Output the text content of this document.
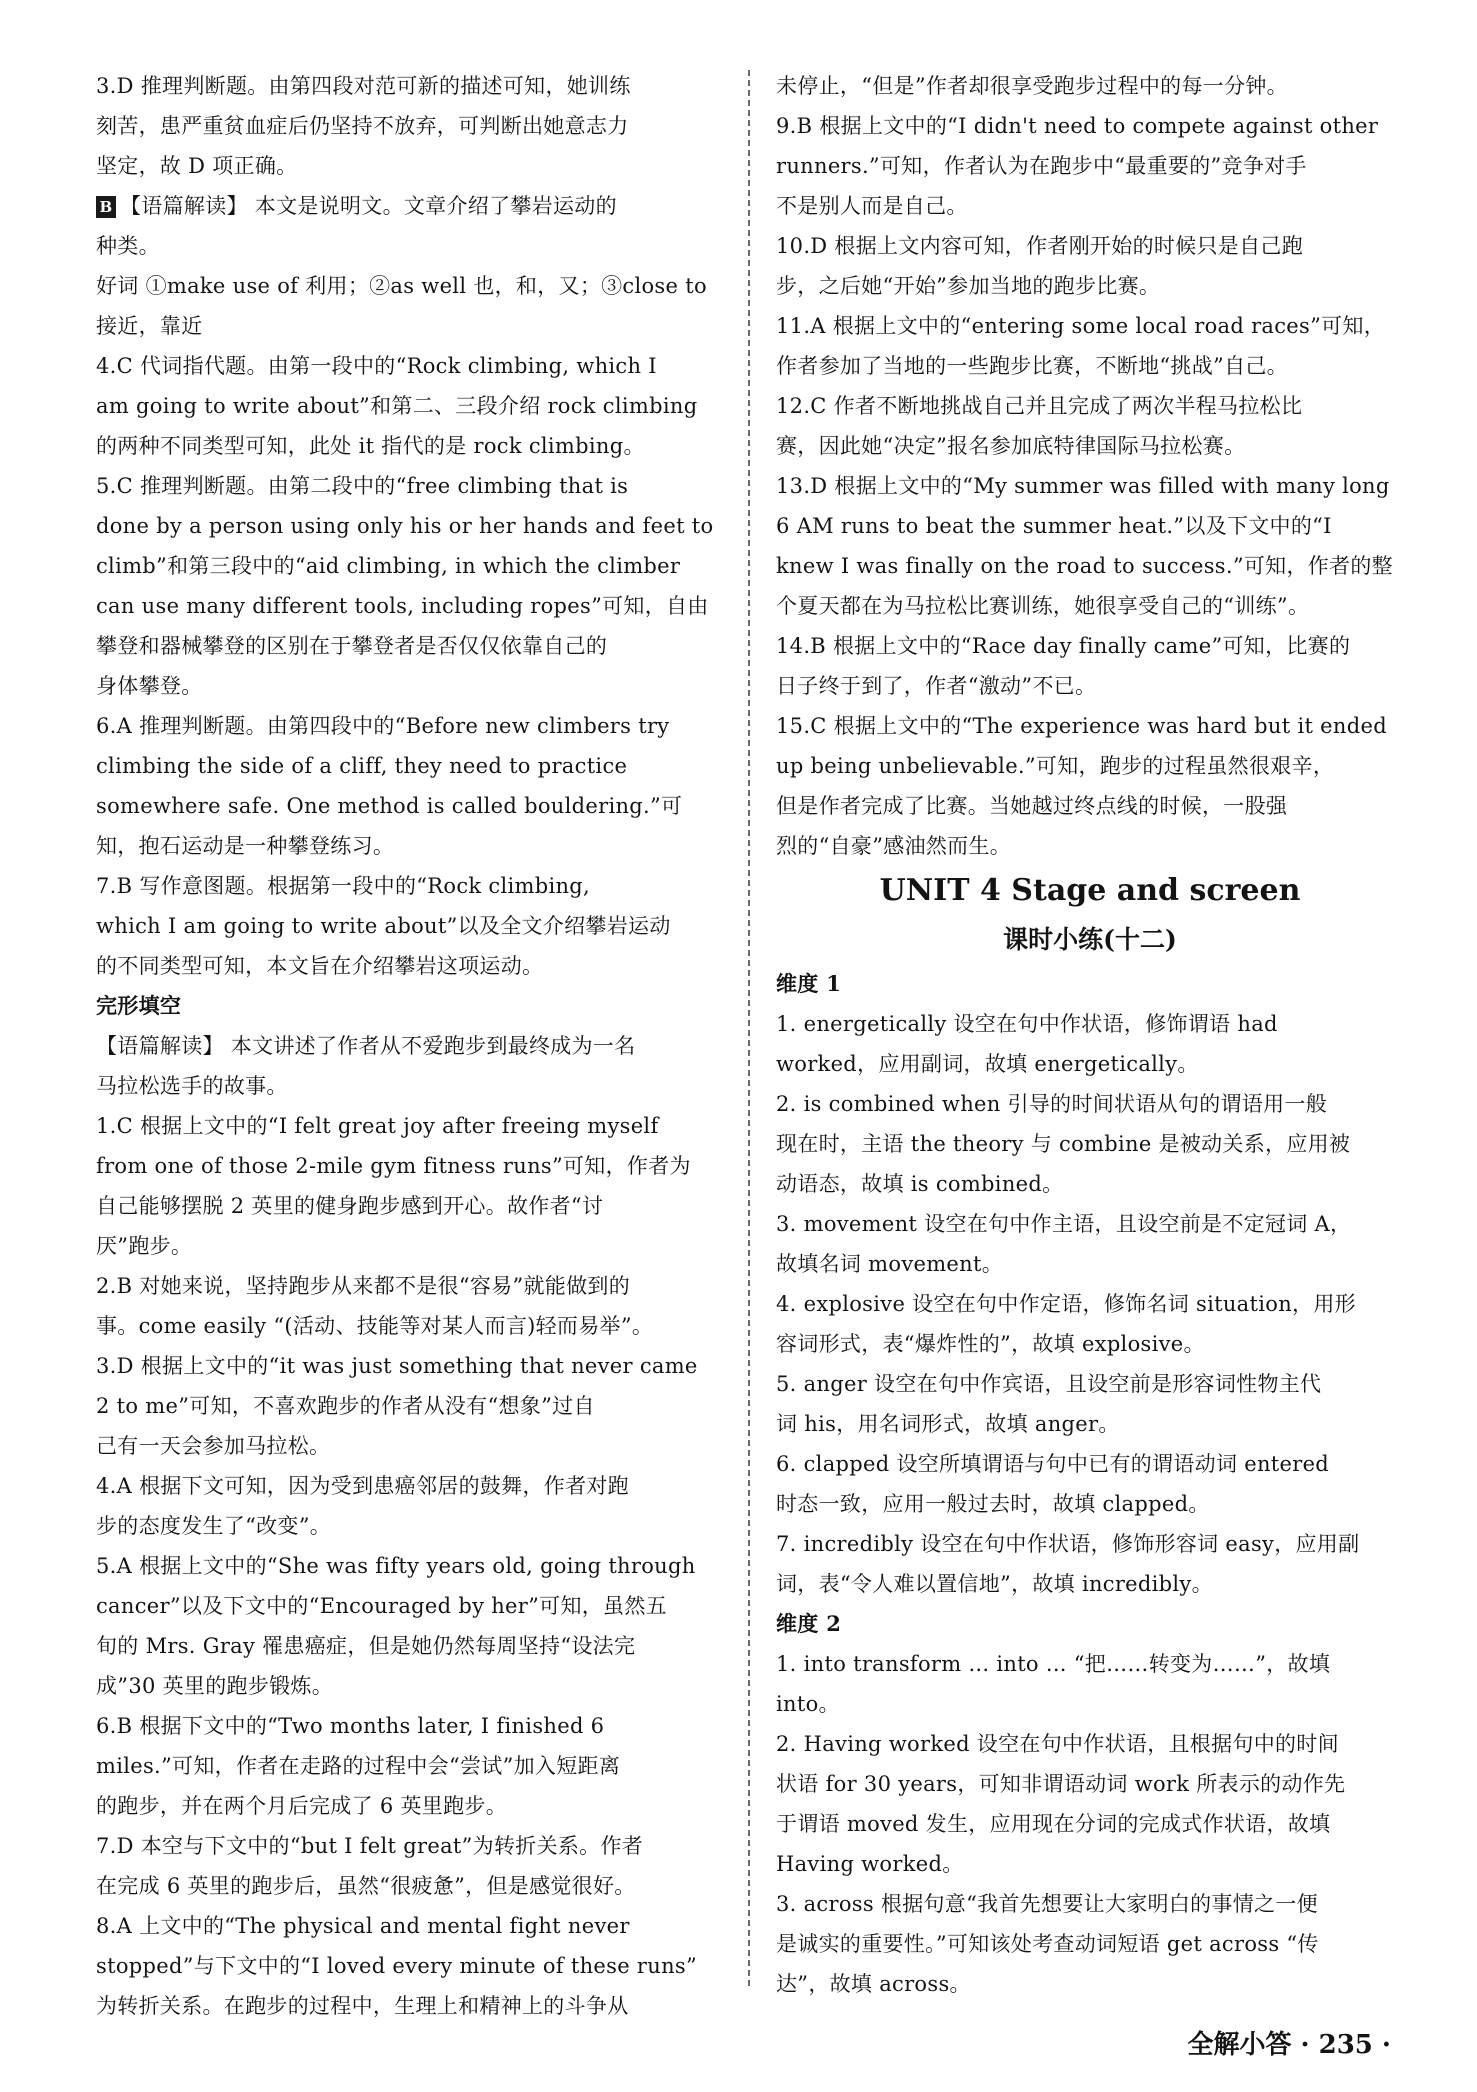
3.D 推理判断题。由第四段对范可新的描述可知，她训练
刻苦，患严重贫血症后仍坚持不放弃，可判断出她意志力
坚定，故 D 项正确。
B 【语篇解读】 本文是说明文。文章介绍了攀岩运动的
种类。
好词 ①make use of 利用；②as well 也，和，又；③close to
接近，靠近
4.C 代词指代题。由第一段中的“Rock climbing, which I
am going to write about”和第二、三段介绍 rock climbing
的两种不同类型可知，此处 it 指代的是 rock climbing。
5.C 推理判断题。由第二段中的“free climbing that is
done by a person using only his or her hands and feet to
climb”和第三段中的“aid climbing, in which the climber
can use many different tools, including ropes”可知，自由
攀登和器械攀登的区别在于攀登者是否仅仅依靠自己的
身体攀登。
6.A 推理判断题。由第四段中的“Before new climbers try
climbing the side of a cliff, they need to practice
somewhere safe. One method is called bouldering.”可
知，抱石运动是一种攀登练习。
7.B 写作意图题。根据第一段中的“Rock climbing,
which I am going to write about”以及全文介绍攀岩运动
的不同类型可知，本文旨在介绍攀岩这项运动。
完形填空
【语篇解读】 本文讲述了作者从不爱跑步到最终成为一名
马拉松选手的故事。
1.C 根据上文中的“I felt great joy after freeing myself
from one of those 2-mile gym fitness runs”可知，作者为
自己能够摆脱 2 英里的健身跑步感到开心。故作者“讨
厌”跑步。
2.B 对她来说，坚持跑步从来都不是很“容易”就能做到的
事。come easily “(活动、技能等对某人而言)轻而易举”。
3.D 根据上文中的“it was just something that never came
2 to me”可知，不喜欢跑步的作者从没有“想象”过自
己有一天会参加马拉松。
4.A 根据下文可知，因为受到患癌邻居的鼓舞，作者对跑
步的态度发生了“改变”。
5.A 根据上文中的“She was fifty years old, going through
cancer”以及下文中的“Encouraged by her”可知，虽然五
旬的 Mrs. Gray 罹患癌症，但是她仍然每周坚持“设法完
成”30 英里的跑步锻炼。
6.B 根据下文中的“Two months later, I finished 6
miles.”可知，作者在走路的过程中会“尝试”加入短距离
的跑步，并在两个月后完成了 6 英里跑步。
7.D 本空与下文中的“but I felt great”为转折关系。作者
在完成 6 英里的跑步后，虽然“很疲惫”，但是感觉很好。
8.A 上文中的“The physical and mental fight never
stopped”与下文中的“I loved every minute of these runs”
为转折关系。在跑步的过程中，生理上和精神上的斗争从
未停止，“但是”作者却很享受跑步过程中的每一分钟。
9.B 根据上文中的“I didn't need to compete against other
runners.”可知，作者认为在跑步中“最重要的”竞争对手
不是别人而是自己。
10.D 根据上文内容可知，作者刚开始的时候只是自己跑
步，之后她“开始”参加当地的跑步比赛。
11.A 根据上文中的“entering some local road races”可知，
作者参加了当地的一些跑步比赛，不断地“挑战”自己。
12.C 作者不断地挑战自己并且完成了两次半程马拉松比
赛，因此她“决定”报名参加底特律国际马拉松赛。
13.D 根据上文中的“My summer was filled with many long
6 AM runs to beat the summer heat.”以及下文中的“I
knew I was finally on the road to success.”可知，作者的整
个夏天都在为马拉松比赛训练，她很享受自己的“训练”。
14.B 根据上文中的“Race day finally came”可知，比赛的
日子终于到了，作者“激动”不已。
15.C 根据上文中的“The experience was hard but it ended
up being unbelievable.”可知，跑步的过程虽然很艰辛，
但是作者完成了比赛。当她越过终点线的时候，一股强
烈的“自豪”感油然而生。
UNIT 4 Stage and screen
课时小练(十二)
维度 1
1. energetically 设空在句中作状语，修饰谓语 had
worked，应用副词，故填 energetically。
2. is combined when 引导的时间状语从句的谓语用一般
现在时，主语 the theory 与 combine 是被动关系，应用被
动语态，故填 is combined。
3. movement 设空在句中作主语，且设空前是不定冠词 A，
故填名词 movement。
4. explosive 设空在句中作定语，修饰名词 situation，用形
容词形式，表“爆炸性的”，故填 explosive。
5. anger 设空在句中作宾语，且设空前是形容词性物主代
词 his，用名词形式，故填 anger。
6. clapped 设空所填谓语与句中已有的谓语动词 entered
时态一致，应用一般过去时，故填 clapped。
7. incredibly 设空在句中作状语，修饰形容词 easy，应用副
词，表“令人难以置信地”，故填 incredibly。
维度 2
1. into transform ... into ... “把……转变为……”，故填
into。
2. Having worked 设空在句中作状语，且根据句中的时间
状语 for 30 years，可知非谓语动词 work 所表示的动作先
于谓语 moved 发生，应用现在分词的完成式作状语，故填
Having worked。
3. across 根据句意“我首先想要让大家明白的事情之一便
是诚实的重要性。”可知该处考查动词短语 get across “传
达”，故填 across。
全解小答 · 235 ·
